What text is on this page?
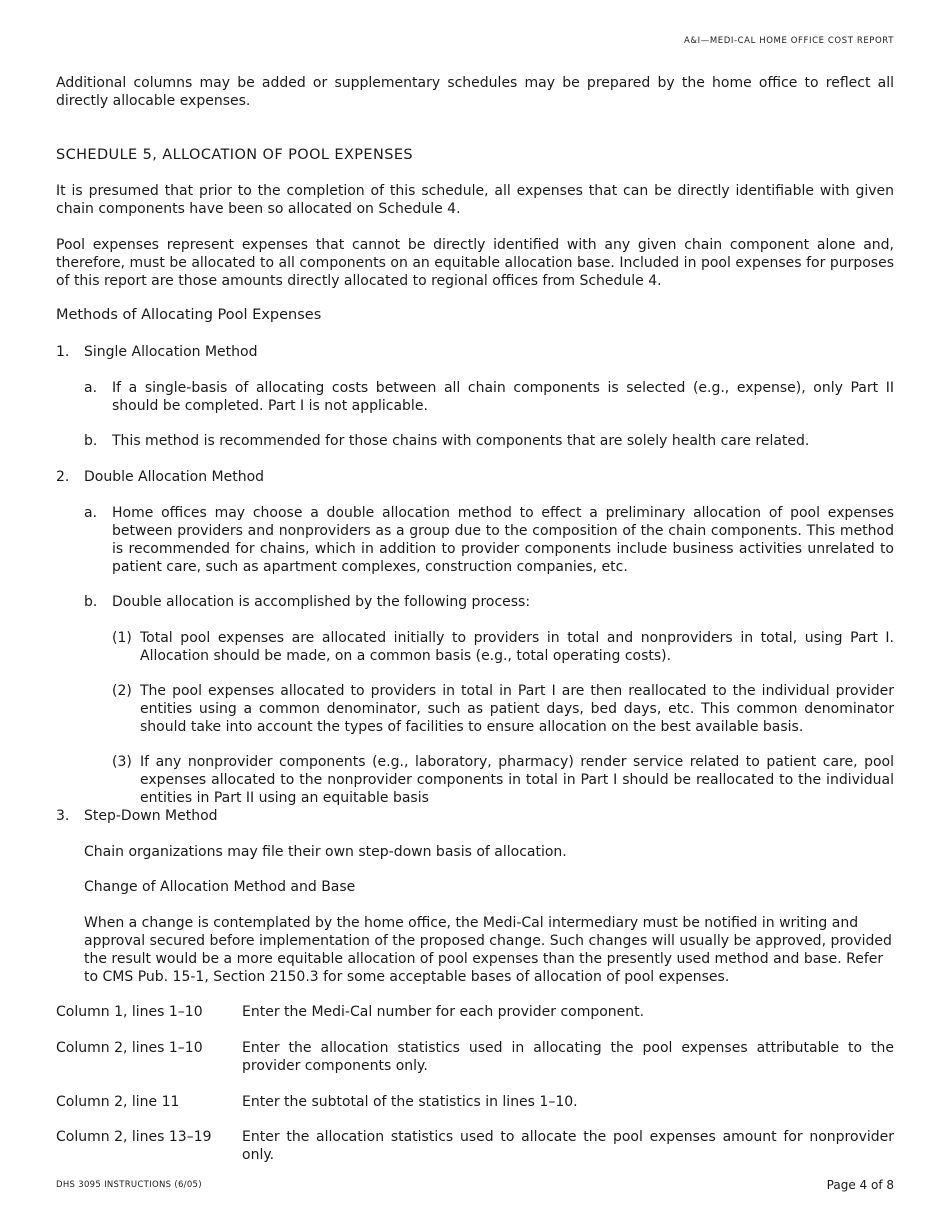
A&I—MEDI-CAL HOME OFFICE COST REPORT
Additional columns may be added or supplementary schedules may be prepared by the home office to reflect all directly allocable expenses.
SCHEDULE 5, ALLOCATION OF POOL EXPENSES
It is presumed that prior to the completion of this schedule, all expenses that can be directly identifiable with given chain components have been so allocated on Schedule 4.
Pool expenses represent expenses that cannot be directly identified with any given chain component alone and, therefore, must be allocated to all components on an equitable allocation base. Included in pool expenses for purposes of this report are those amounts directly allocated to regional offices from Schedule 4.
Methods of Allocating Pool Expenses
1. Single Allocation Method
a. If a single-basis of allocating costs between all chain components is selected (e.g., expense), only Part II should be completed. Part I is not applicable.
b. This method is recommended for those chains with components that are solely health care related.
2. Double Allocation Method
a. Home offices may choose a double allocation method to effect a preliminary allocation of pool expenses between providers and nonproviders as a group due to the composition of the chain components. This method is recommended for chains, which in addition to provider components include business activities unrelated to patient care, such as apartment complexes, construction companies, etc.
b. Double allocation is accomplished by the following process:
(1) Total pool expenses are allocated initially to providers in total and nonproviders in total, using Part I. Allocation should be made, on a common basis (e.g., total operating costs).
(2) The pool expenses allocated to providers in total in Part I are then reallocated to the individual provider entities using a common denominator, such as patient days, bed days, etc. This common denominator should take into account the types of facilities to ensure allocation on the best available basis.
(3) If any nonprovider components (e.g., laboratory, pharmacy) render service related to patient care, pool expenses allocated to the nonprovider components in total in Part I should be reallocated to the individual entities in Part II using an equitable basis
3. Step-Down Method
Chain organizations may file their own step-down basis of allocation.
Change of Allocation Method and Base
When a change is contemplated by the home office, the Medi-Cal intermediary must be notified in writing and approval secured before implementation of the proposed change. Such changes will usually be approved, provided the result would be a more equitable allocation of pool expenses than the presently used method and base. Refer to CMS Pub. 15-1, Section 2150.3 for some acceptable bases of allocation of pool expenses.
Column 1, lines 1–10	Enter the Medi-Cal number for each provider component.
Column 2, lines 1–10	Enter the allocation statistics used in allocating the pool expenses attributable to the provider components only.
Column 2, line 11	Enter the subtotal of the statistics in lines 1–10.
Column 2, lines 13–19	Enter the allocation statistics used to allocate the pool expenses amount for nonprovider only.
DHS 3095 INSTRUCTIONS (6/05)	Page 4 of 8
